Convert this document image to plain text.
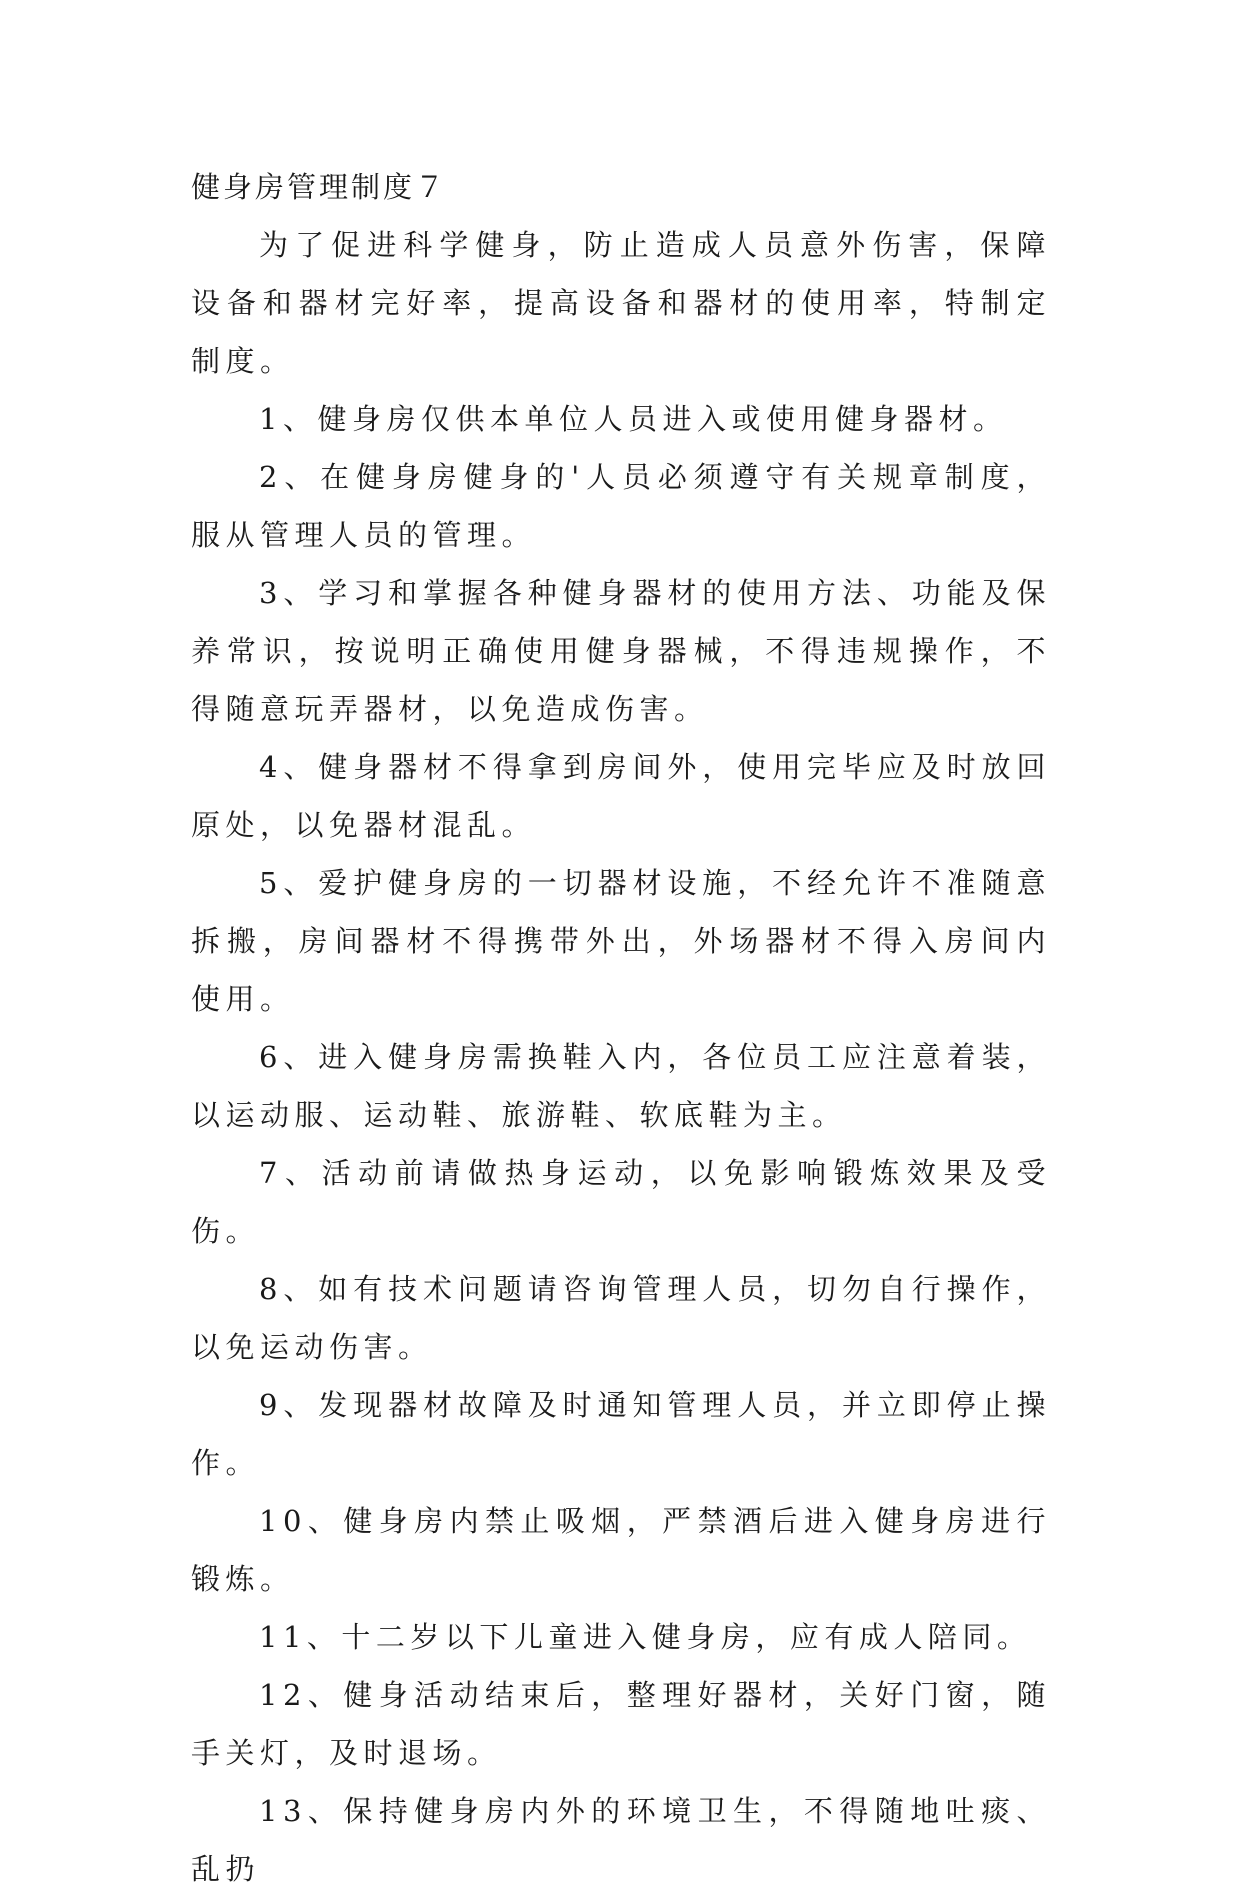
健身房管理制度７

为了促进科学健身，防止造成人员意外伤害，保障设备和器材完好率，提高设备和器材的使用率，特制定制度。

1、健身房仅供本单位人员进入或使用健身器材。

2、在健身房健身的'人员必须遵守有关规章制度，服从管理人员的管理。

3、学习和掌握各种健身器材的使用方法、功能及保养常识，按说明正确使用健身器械，不得违规操作，不得随意玩弄器材，以免造成伤害。

4、健身器材不得拿到房间外，使用完毕应及时放回原处，以免器材混乱。

5、爱护健身房的一切器材设施，不经允许不准随意拆搬，房间器材不得携带外出，外场器材不得入房间内使用。

6、进入健身房需换鞋入内，各位员工应注意着装，以运动服、运动鞋、旅游鞋、软底鞋为主。

7、活动前请做热身运动，以免影响锻炼效果及受伤。

8、如有技术问题请咨询管理人员，切勿自行操作，以免运动伤害。

9、发现器材故障及时通知管理人员，并立即停止操作。

10、健身房内禁止吸烟，严禁酒后进入健身房进行锻炼。

11、十二岁以下儿童进入健身房，应有成人陪同。

12、健身活动结束后，整理好器材，关好门窗，随手关灯，及时退场。

13、保持健身房内外的环境卫生，不得随地吐痰、乱扔
